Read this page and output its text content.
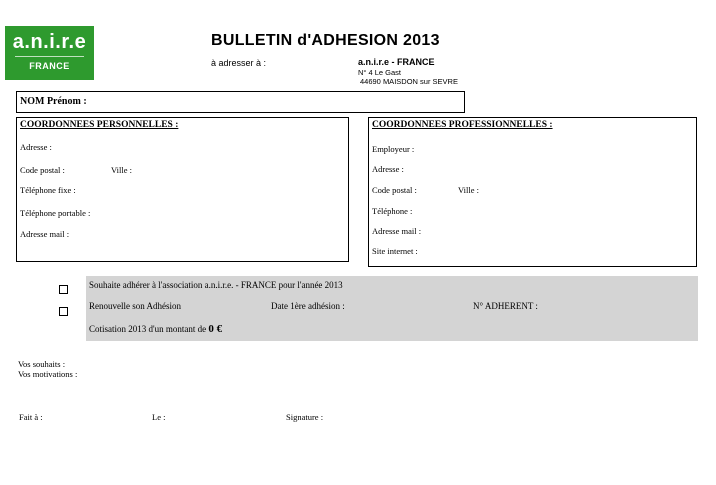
a.n.i.r.e
FRANCE
BULLETIN d'ADHESION 2013
à adresser à :	a.n.i.r.e - FRANCE
N° 4 Le Gast
44690 MAISDON sur SEVRE
NOM Prénom :
COORDONNEES PERSONNELLES :
Adresse :
Code postal :	Ville :
Téléphone fixe :
Téléphone portable :
Adresse mail :
COORDONNEES PROFESSIONNELLES :
Employeur :
Adresse :
Code postal :	Ville :
Téléphone :
Adresse mail :
Site internet :
Souhaite adhérer à l'association a.n.i.r.e. - FRANCE pour l'année 2013
Renouvelle son Adhésion	Date 1ère adhésion :	N° ADHERENT :
Cotisation 2013 d'un montant de 0 €
Vos souhaits :
Vos motivations :
Fait à :	Le :	Signature :
